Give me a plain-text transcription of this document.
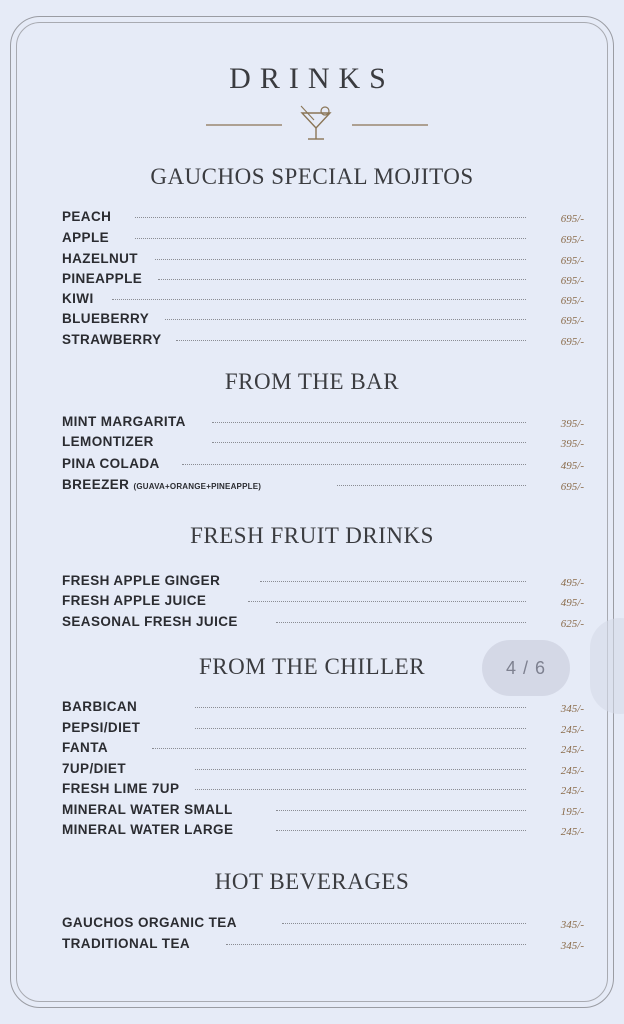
DRINKS
GAUCHOS SPECIAL MOJITOS
PEACH	695/-
APPLE	695/-
HAZELNUT	695/-
PINEAPPLE	695/-
KIWI	695/-
BLUEBERRY	695/-
STRAWBERRY	695/-
FROM THE BAR
MINT MARGARITA	395/-
LEMONTIZER	395/-
PINA COLADA	495/-
BREEZER (GUAVA+ORANGE+PINEAPPLE)	695/-
FRESH FRUIT DRINKS
FRESH APPLE GINGER	495/-
FRESH APPLE JUICE	495/-
SEASONAL FRESH JUICE	625/-
FROM THE CHILLER
BARBICAN	345/-
PEPSI/DIET	245/-
FANTA	245/-
7UP/DIET	245/-
FRESH LIME 7UP	245/-
MINERAL WATER SMALL	195/-
MINERAL WATER LARGE	245/-
HOT BEVERAGES
GAUCHOS ORGANIC TEA	345/-
TRADITIONAL TEA	345/-
4 / 6
